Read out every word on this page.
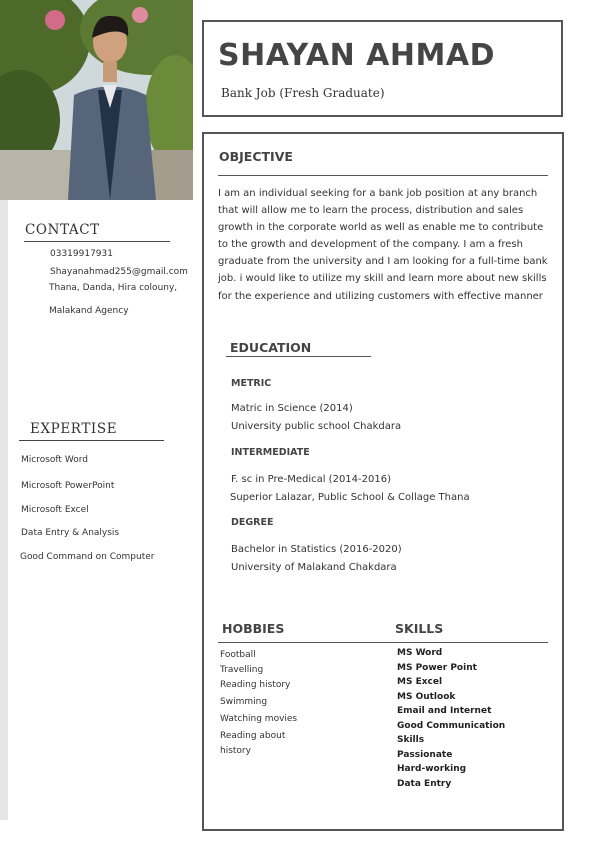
CONTACT
03319917931
Shayanahmad255@gmail.com
Thana, Danda, Hira colouny,
Malakand Agency
EXPERTISE
Microsoft Word
Microsoft PowerPoint
Microsoft Excel
Data Entry & Analysis
Good Command on Computer
SHAYAN AHMAD
Bank Job (Fresh Graduate)
OBJECTIVE
I am an individual seeking for a bank job position at any branch
that will allow me to learn the process, distribution and sales
growth in the corporate world as well as enable me to contribute
to the growth and development of the company. I am a fresh
graduate from the university and I am looking for a full-time bank
job. i would like to utilize my skill and learn more about new skills
for the experience and utilizing customers with effective manner
EDUCATION
METRIC
Matric in Science (2014)
University public school Chakdara
INTERMEDIATE
F. sc in Pre-Medical (2014-2016)
Superior Lalazar, Public School & Collage Thana
DEGREE
Bachelor in Statistics (2016-2020)
University of Malakand Chakdara
HOBBIES	SKILLS
Football
Travelling
Reading history
Swimming
Watching movies
Reading about
history
MS Word
MS Power Point
MS Excel
MS Outlook
Email and Internet
Good Communication
Skills
Passionate
Hard-working
Data Entry
